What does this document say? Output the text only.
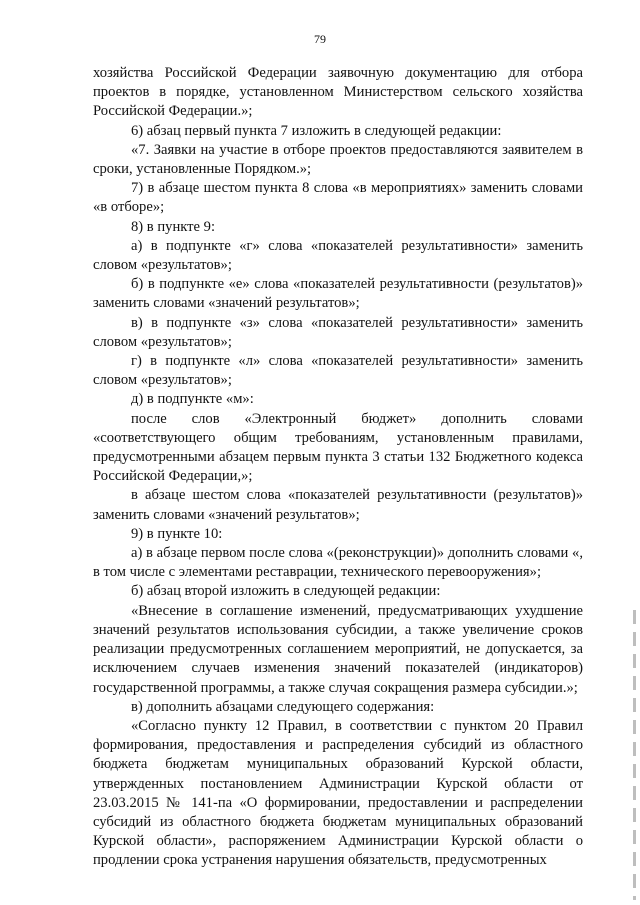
79

хозяйства Российской Федерации заявочную документацию для отбора проектов в порядке, установленном Министерством сельского хозяйства Российской Федерации.»;

6) абзац первый пункта 7 изложить в следующей редакции:

«7. Заявки на участие в отборе проектов предоставляются заявителем в сроки, установленные Порядком.»;

7) в абзаце шестом пункта 8 слова «в мероприятиях» заменить словами «в отборе»;

8) в пункте 9:

а) в подпункте «г» слова «показателей результативности» заменить словом «результатов»;

б) в подпункте «е» слова «показателей результативности (результатов)» заменить словами «значений результатов»;

в) в подпункте «з» слова «показателей результативности» заменить словом «результатов»;

г) в подпункте «л» слова «показателей результативности» заменить словом «результатов»;

д) в подпункте «м»:

после слов «Электронный бюджет» дополнить словами «соответствующего общим требованиям, установленным правилами, предусмотренными абзацем первым пункта 3 статьи 132 Бюджетного кодекса Российской Федерации,»;

в абзаце шестом слова «показателей результативности (результатов)» заменить словами «значений результатов»;

9) в пункте 10:

а) в абзаце первом после слова «(реконструкции)» дополнить словами «, в том числе с элементами реставрации, технического перевооружения»;

б) абзац второй изложить в следующей редакции:

«Внесение в соглашение изменений, предусматривающих ухудшение значений результатов использования субсидии, а также увеличение сроков реализации предусмотренных соглашением мероприятий, не допускается, за исключением случаев изменения значений показателей (индикаторов) государственной программы, а также случая сокращения размера субсидии.»;

в) дополнить абзацами следующего содержания:

«Согласно пункту 12 Правил, в соответствии с пунктом 20 Правил формирования, предоставления и распределения субсидий из областного бюджета бюджетам муниципальных образований Курской области, утвержденных постановлением Администрации Курской области от 23.03.2015 № 141-па «О формировании, предоставлении и распределении субсидий из областного бюджета бюджетам муниципальных образований Курской области», распоряжением Администрации Курской области о продлении срока устранения нарушения обязательств, предусмотренных
